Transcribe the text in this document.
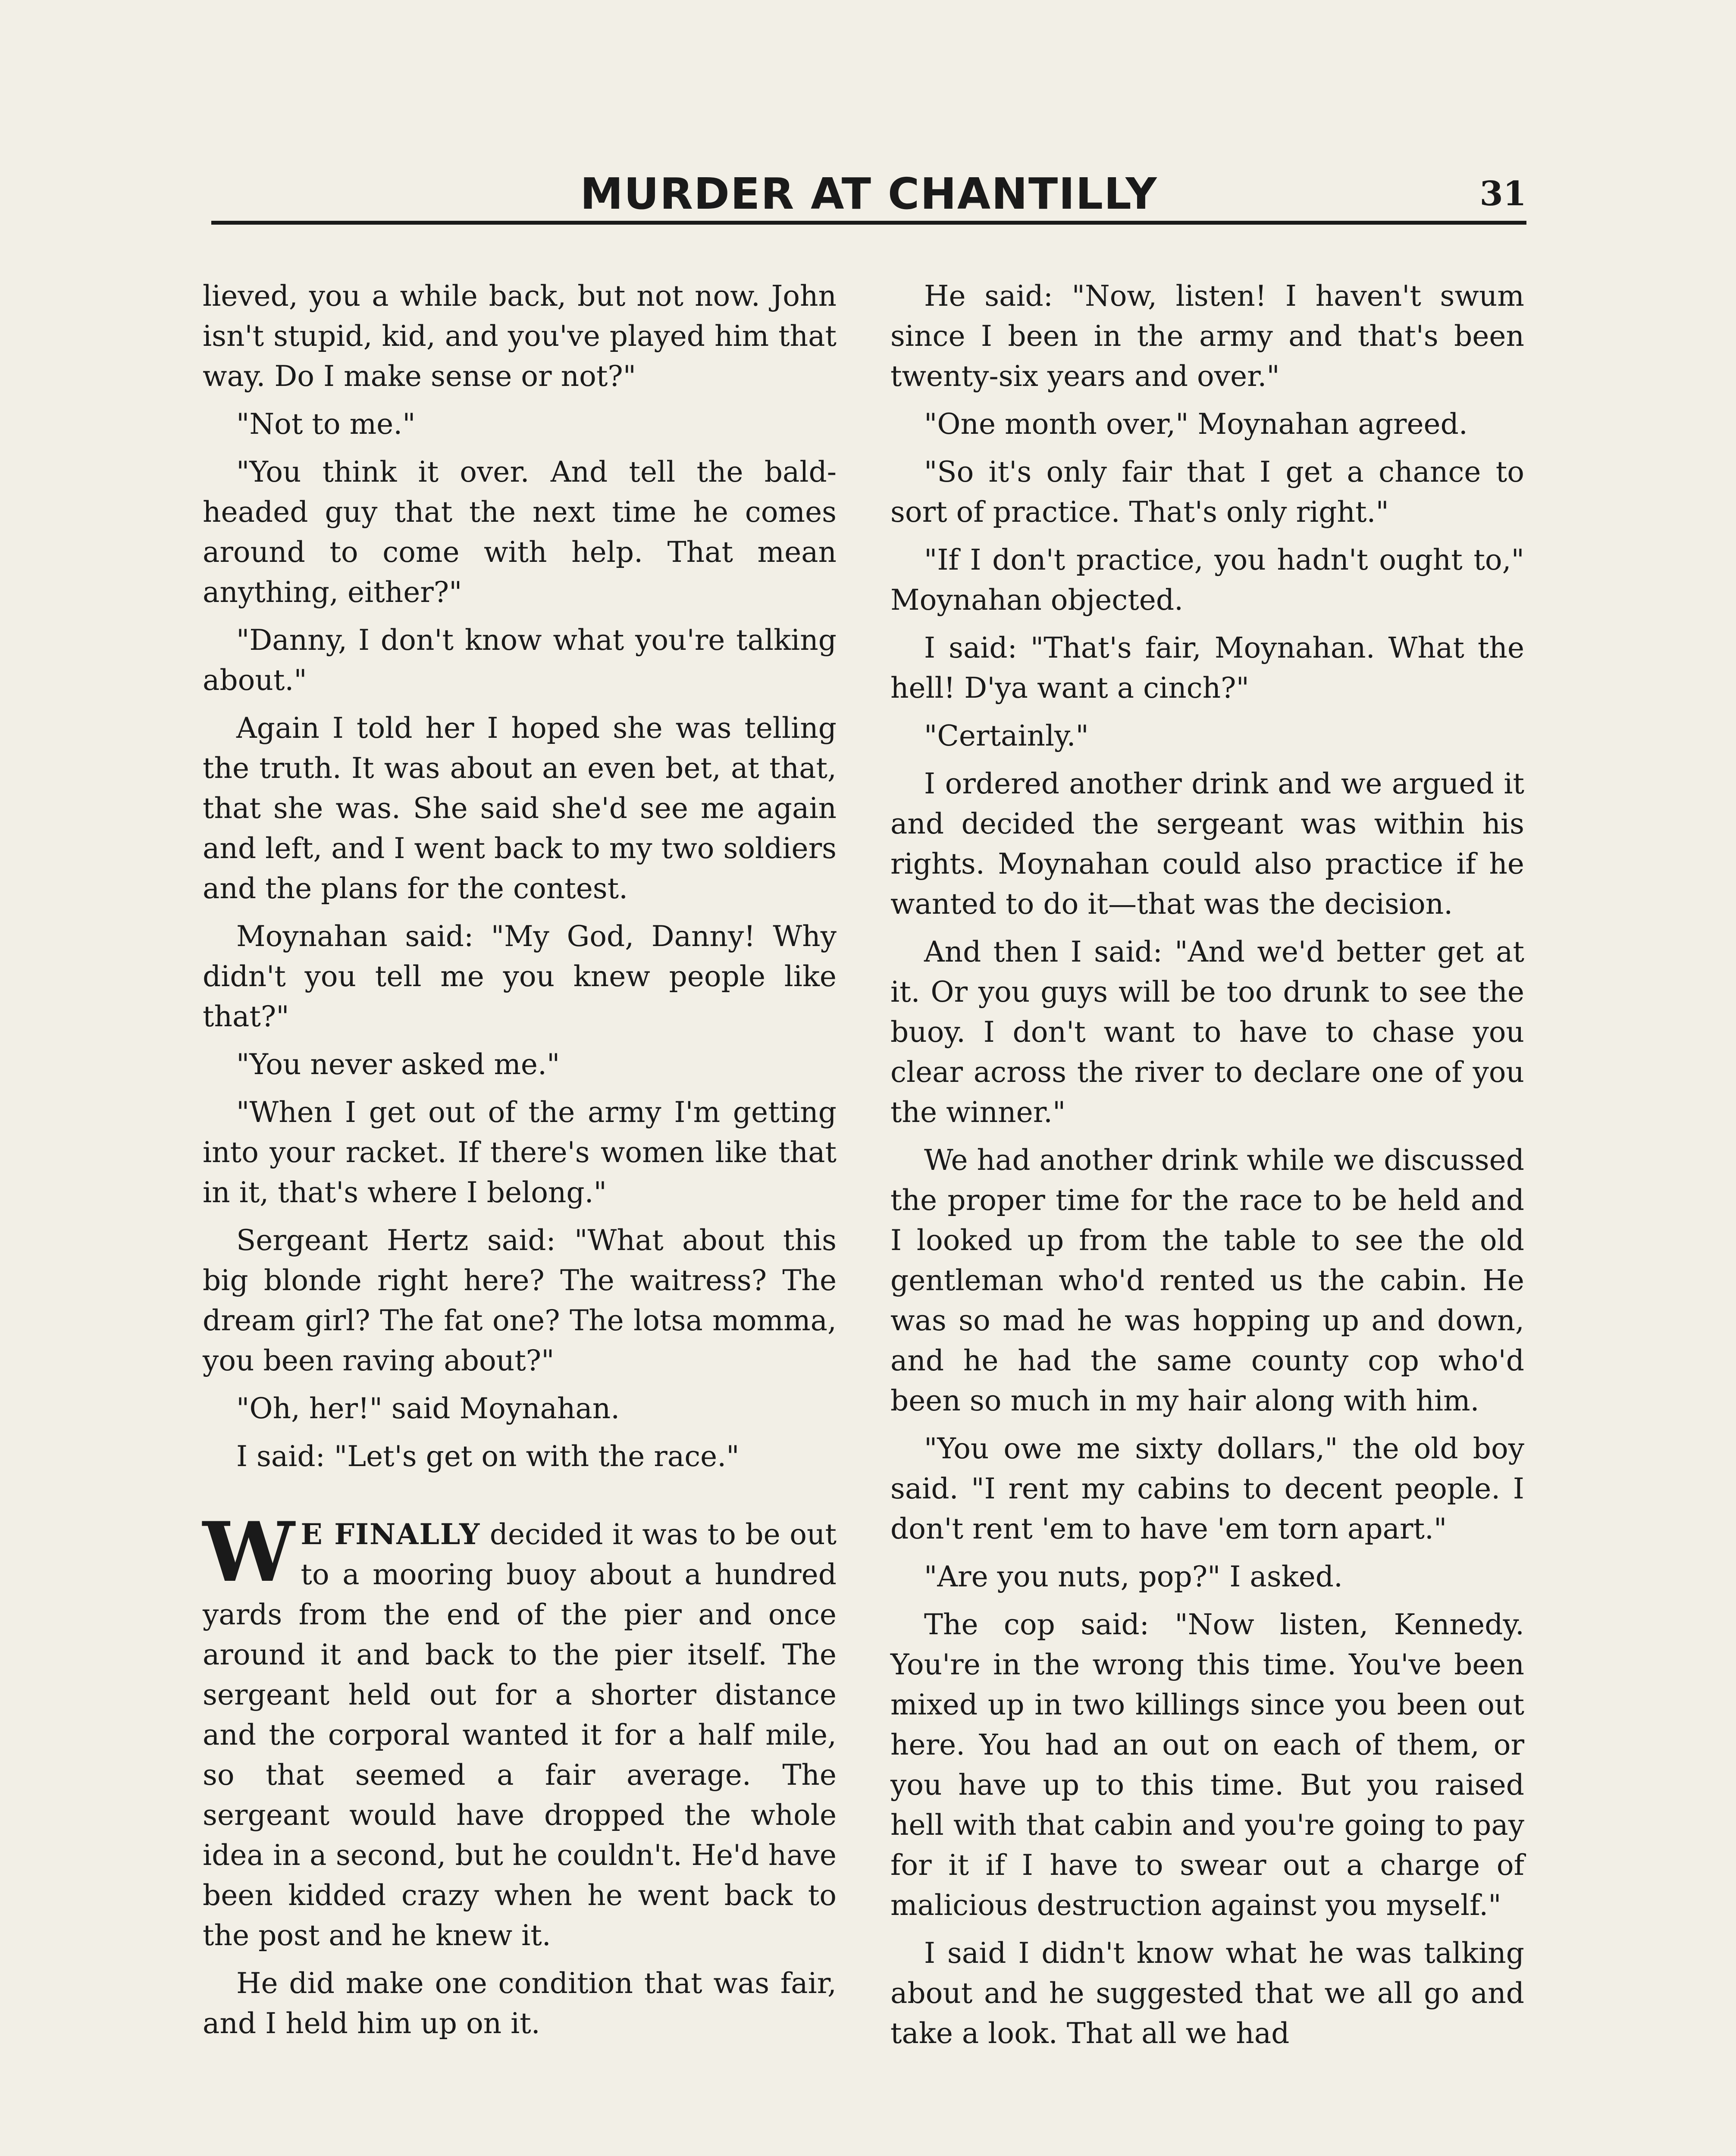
MURDER AT CHANTILLY	31

lieved, you a while back, but not now. John isn't stupid, kid, and you've played him that way. Do I make sense or not?"

"Not to me."

"You think it over. And tell the bald-headed guy that the next time he comes around to come with help. That mean anything, either?"

"Danny, I don't know what you're talking about."

Again I told her I hoped she was telling the truth. It was about an even bet, at that, that she was. She said she'd see me again and left, and I went back to my two soldiers and the plans for the contest.

Moynahan said: "My God, Danny! Why didn't you tell me you knew people like that?"

"You never asked me."

"When I get out of the army I'm getting into your racket. If there's women like that in it, that's where I belong."

Sergeant Hertz said: "What about this big blonde right here? The waitress? The dream girl? The fat one? The lotsa momma, you been raving about?"

"Oh, her!" said Moynahan.

I said: "Let's get on with the race."

W E FINALLY decided it was to be out to a mooring buoy about a hundred yards from the end of the pier and once around it and back to the pier itself. The sergeant held out for a shorter distance and the corporal wanted it for a half mile, so that seemed a fair average. The sergeant would have dropped the whole idea in a second, but he couldn't. He'd have been kidded crazy when he went back to the post and he knew it.

He did make one condition that was fair, and I held him up on it.

He said: "Now, listen! I haven't swum since I been in the army and that's been twenty-six years and over."

"One month over," Moynahan agreed.

"So it's only fair that I get a chance to sort of practice. That's only right."

"If I don't practice, you hadn't ought to," Moynahan objected.

I said: "That's fair, Moynahan. What the hell! D'ya want a cinch?"

"Certainly."

I ordered another drink and we argued it and decided the sergeant was within his rights. Moynahan could also practice if he wanted to do it—that was the decision.

And then I said: "And we'd better get at it. Or you guys will be too drunk to see the buoy. I don't want to have to chase you clear across the river to declare one of you the winner."

We had another drink while we discussed the proper time for the race to be held and I looked up from the table to see the old gentleman who'd rented us the cabin. He was so mad he was hopping up and down, and he had the same county cop who'd been so much in my hair along with him.

"You owe me sixty dollars," the old boy said. "I rent my cabins to decent people. I don't rent 'em to have 'em torn apart."

"Are you nuts, pop?" I asked.

The cop said: "Now listen, Kennedy. You're in the wrong this time. You've been mixed up in two killings since you been out here. You had an out on each of them, or you have up to this time. But you raised hell with that cabin and you're going to pay for it if I have to swear out a charge of malicious destruction against you myself."

I said I didn't know what he was talking about and he suggested that we all go and take a look. That all we had
